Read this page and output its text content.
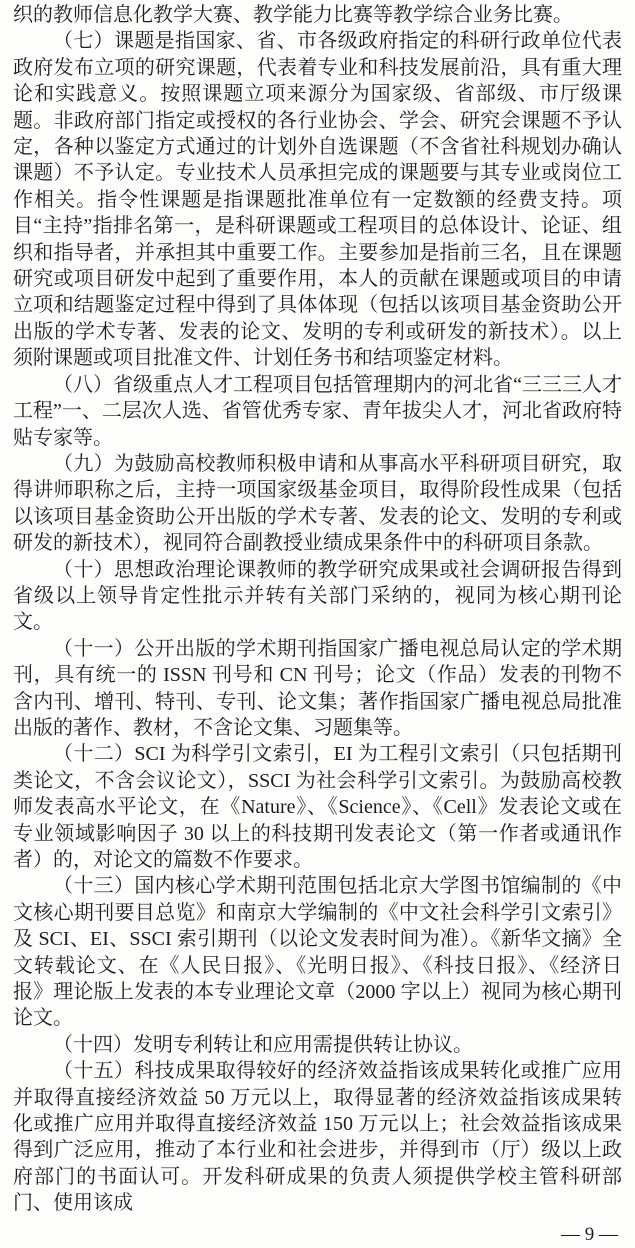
织的教师信息化教学大赛、教学能力比赛等教学综合业务比赛。

（七）课题是指国家、省、市各级政府指定的科研行政单位代表政府发布立项的研究课题，代表着专业和科技发展前沿，具有重大理论和实践意义。按照课题立项来源分为国家级、省部级、市厅级课题。非政府部门指定或授权的各行业协会、学会、研究会课题不予认定，各种以鉴定方式通过的计划外自选课题（不含省社科规划办确认课题）不予认定。专业技术人员承担完成的课题要与其专业或岗位工作相关。指令性课题是指课题批准单位有一定数额的经费支持。项目“主持”指排名第一，是科研课题或工程项目的总体设计、论证、组织和指导者，并承担其中重要工作。主要参加是指前三名，且在课题研究或项目研发中起到了重要作用，本人的贡献在课题或项目的申请立项和结题鉴定过程中得到了具体体现（包括以该项目基金资助公开出版的学术专著、发表的论文、发明的专利或研发的新技术）。以上须附课题或项目批准文件、计划任务书和结项鉴定材料。

（八）省级重点人才工程项目包括管理期内的河北省“三三三人才工程”一、二层次人选、省管优秀专家、青年拔尖人才，河北省政府特贴专家等。

（九）为鼓励高校教师积极申请和从事高水平科研项目研究，取得讲师职称之后，主持一项国家级基金项目，取得阶段性成果（包括以该项目基金资助公开出版的学术专著、发表的论文、发明的专利或研发的新技术），视同符合副教授业绩成果条件中的科研项目条款。

（十）思想政治理论课教师的教学研究成果或社会调研报告得到省级以上领导肯定性批示并转有关部门采纳的，视同为核心期刊论文。

（十一）公开出版的学术期刊指国家广播电视总局认定的学术期刊，具有统一的 ISSN 刊号和 CN 刊号；论文（作品）发表的刊物不含内刊、增刊、特刊、专刊、论文集；著作指国家广播电视总局批准出版的著作、教材，不含论文集、习题集等。

（十二）SCI 为科学引文索引，EI 为工程引文索引（只包括期刊类论文，不含会议论文），SSCI 为社会科学引文索引。为鼓励高校教师发表高水平论文，在《Nature》、《Science》、《Cell》发表论文或在专业领域影响因子 30 以上的科技期刊发表论文（第一作者或通讯作者）的，对论文的篇数不作要求。

（十三）国内核心学术期刊范围包括北京大学图书馆编制的《中文核心期刊要目总览》和南京大学编制的《中文社会科学引文索引》及 SCI、EI、SSCI 索引期刊（以论文发表时间为准）。《新华文摘》全文转载论文、在《人民日报》、《光明日报》、《科技日报》、《经济日报》理论版上发表的本专业理论文章（2000 字以上）视同为核心期刊论文。

（十四）发明专利转让和应用需提供转让协议。

（十五）科技成果取得较好的经济效益指该成果转化或推广应用并取得直接经济效益 50 万元以上，取得显著的经济效益指该成果转化或推广应用并取得直接经济效益 150 万元以上；社会效益指该成果得到广泛应用，推动了本行业和社会进步，并得到市（厅）级以上政府部门的书面认可。开发科研成果的负责人须提供学校主管科研部门、使用该成

— 9 —
